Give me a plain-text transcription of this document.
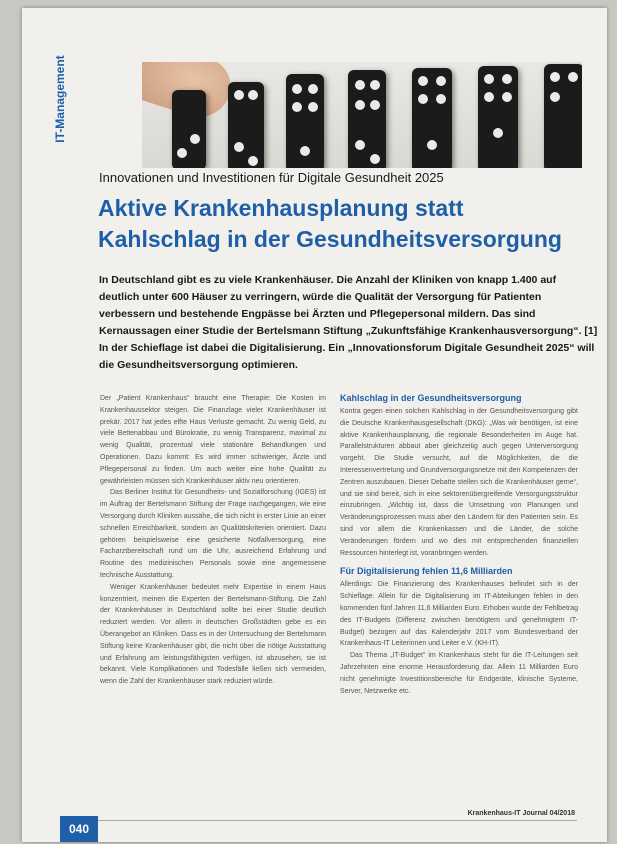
IT-Management
Innovationen und Investitionen für Digitale Gesundheit 2025
Aktive Krankenhausplanung statt
Kahlschlag in der Gesundheitsversorgung

In Deutschland gibt es zu viele Krankenhäuser. Die Anzahl der Kliniken von knapp 1.400 auf deutlich unter 600 Häuser zu verringern, würde die Qualität der Versorgung für Patienten verbessern und bestehende Engpässe bei Ärzten und Pflegepersonal mildern. Das sind Kernaussagen einer Studie der Bertelsmann Stiftung „Zukunftsfähige Krankenhausversorgung“. [1] In der Schieflage ist dabei die Digitalisierung. Ein „Innovationsforum Digitale Gesundheit 2025“ will die Gesundheitsversorgung optimieren.

Der „Patient Krankenhaus“ braucht eine Therapie: Die Kosten im Krankenhaussektor steigen. Die Finanzlage vieler Krankenhäuser ist prekär. 2017 hat jedes elfte Haus Verluste gemacht. Zu wenig Geld, zu viele Bettenabbau und Bürokratie, zu wenig Transparenz, maximal zu wenig Qualität, prozentual viele stationäre Behandlungen und Operationen. Dazu kommt: Es wird immer schwieriger, Ärzte und Pflegepersonal zu finden. Um auch weiter eine hohe Qualität zu gewährleisten müssen sich Krankenhäuser aktiv neu orientieren.

Das Berliner Institut für Gesundheits- und Sozialforschung (IGES) ist im Auftrag der Bertelsmann Stiftung der Frage nachgegangen, wie eine Versorgung durch Kliniken aussähe, die sich nicht in erster Linie an einer schnellen Erreichbarkeit, sondern an Qualitätskriterien orientiert. Dazu gehören beispielsweise eine gesicherte Notfallversorgung, eine Facharztbereitschaft rund um die Uhr, ausreichend Erfahrung und Routine des medizinischen Personals sowie eine angemessene technische Ausstattung.

Weniger Krankenhäuser bedeutet mehr Expertise in einem Haus konzentriert, meinen die Experten der Bertelsmann-Stiftung. Die Zahl der Krankenhäuser in Deutschland sollte bei einer Studie deutlich reduziert werden. Vor allem in deutschen Großstädten gebe es ein Überangebot an Kliniken. Dass es in der Untersuchung der Bertelsmann Stiftung keine Krankenhäuser gibt, die nicht über die nötige Ausstattung und Erfahrung am leistungsfähigsten verfügen, ist abzusehen, sie ist bekannt. Viele Komplikationen und Todesfälle ließen sich vermeiden, wenn die Zahl der Krankenhäuser stark reduziert würde.

Kahlschlag in der Gesundheitsversorgung

Kontra gegen einen solchen Kahlschlag in der Gesundheitsversorgung gibt die Deutsche Krankenhausgesellschaft (DKG): „Was wir benötigen, ist eine aktive Krankenhausplanung, die regionale Besonderheiten im Auge hat. Parallelstrukturen abbaut aber gleichzeitig auch gegen Unterversorgung vorgeht. Die Studie versucht, auf die Möglichkeiten, die die Interessenvertretung und Grundversorgungsnetze mit den Kompetenzen der Zentren auszubauen. Dieser Debatte stellen sich die Krankenhäuser gerne“, und sie sind bereit, sich in eine sektorenübergreifende Versorgungsstruktur einzubringen. „Wichtig ist, dass die Umsetzung von Planungen und Veränderungsprozessen muss aber den Ländern für den Patienten sein. Es sind vor allem die Krankenkassen und die Länder, die solche Veränderungen fördern und wo dies mit entsprechenden finanziellen Ressourcen hinterlegt ist, voranbringen werden.

Für Digitalisierung fehlen 11,6 Milliarden

Allerdings: Die Finanzierung des Krankenhauses befindet sich in der Schieflage. Allein für die Digitalisierung im IT-Abteilungen fehlen in den kommenden fünf Jahren 11,6 Milliarden Euro. Erhoben wurde der Fehlbetrag des IT-Budgets (Differenz zwischen benötigtem und genehmigtem IT-Budget) bezogen auf das Kalenderjahr 2017 vom Bundesverband der Krankenhaus-IT Leiterinnen und Leiter e.V. (KH-IT).

Das Thema „IT-Budget“ im Krankenhaus steht für die IT-Leitungen seit Jahrzehnten eine enorme Herausforderung dar. Allein 11 Milliarden Euro nicht genehmigte Investitionsbereiche für Endgeräte, klinische Systeme, Server, Netzwerke etc.

Krankenhaus-IT Journal 04/2018
040
